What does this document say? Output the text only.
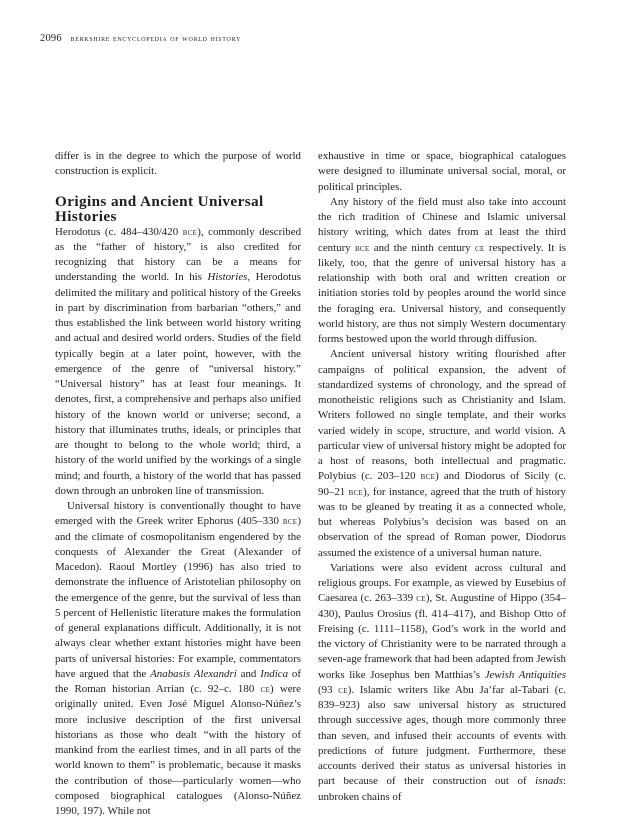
2096 berkshire encyclopedia of world history

differ is in the degree to which the purpose of world construction is explicit.

Origins and Ancient Universal Histories

Herodotus (c. 484–430/420 bce), commonly described as the “father of history,” is also credited for recognizing that history can be a means for understanding the world. In his Histories, Herodotus delimited the military and political history of the Greeks in part by discrimination from barbarian “others,” and thus established the link between world history writing and actual and desired world orders. Studies of the field typically begin at a later point, however, with the emergence of the genre of “universal history.” “Universal history” has at least four meanings. It denotes, first, a comprehensive and perhaps also unified history of the known world or universe; second, a history that illuminates truths, ideals, or principles that are thought to belong to the whole world; third, a history of the world unified by the workings of a single mind; and fourth, a history of the world that has passed down through an unbroken line of transmission.

Universal history is conventionally thought to have emerged with the Greek writer Ephorus (405–330 bce) and the climate of cosmopolitanism engendered by the conquests of Alexander the Great (Alexander of Macedon). Raoul Mortley (1996) has also tried to demonstrate the influence of Aristotelian philosophy on the emergence of the genre, but the survival of less than 5 percent of Hellenistic literature makes the formulation of general explanations difficult. Additionally, it is not always clear whether extant histories might have been parts of universal histories: For example, commentators have argued that the Anabasis Alexandri and Indica of the Roman historian Arrian (c. 92–c. 180 ce) were originally united. Even José Miguel Alonso-Núñez’s more inclusive description of the first universal historians as those who dealt “with the history of mankind from the earliest times, and in all parts of the world known to them” is problematic, because it masks the contribution of those—particularly women—who composed biographical catalogues (Alonso-Núñez 1990, 197). While not

exhaustive in time or space, biographical catalogues were designed to illuminate universal social, moral, or political principles.

Any history of the field must also take into account the rich tradition of Chinese and Islamic universal history writing, which dates from at least the third century bce and the ninth century ce respectively. It is likely, too, that the genre of universal history has a relationship with both oral and written creation or initiation stories told by peoples around the world since the foraging era. Universal history, and consequently world history, are thus not simply Western documentary forms bestowed upon the world through diffusion.

Ancient universal history writing flourished after campaigns of political expansion, the advent of standardized systems of chronology, and the spread of monotheistic religions such as Christianity and Islam. Writers followed no single template, and their works varied widely in scope, structure, and world vision. A particular view of universal history might be adopted for a host of reasons, both intellectual and pragmatic. Polybius (c. 203–120 bce) and Diodorus of Sicily (c. 90–21 bce), for instance, agreed that the truth of history was to be gleaned by treating it as a connected whole, but whereas Polybius’s decision was based on an observation of the spread of Roman power, Diodorus assumed the existence of a universal human nature.

Variations were also evident across cultural and religious groups. For example, as viewed by Eusebius of Caesarea (c. 263–339 ce), St. Augustine of Hippo (354–430), Paulus Orosius (fl. 414–417), and Bishop Otto of Freising (c. 1111–1158), God’s work in the world and the victory of Christianity were to be narrated through a seven-age framework that had been adapted from Jewish works like Josephus ben Matthias’s Jewish Antiquities (93 ce). Islamic writers like Abu Ja’far al-Tabari (c. 839–923) also saw universal history as structured through successive ages, though more commonly three than seven, and infused their accounts of events with predictions of future judgment. Furthermore, these accounts derived their status as universal histories in part because of their construction out of isnads: unbroken chains of
